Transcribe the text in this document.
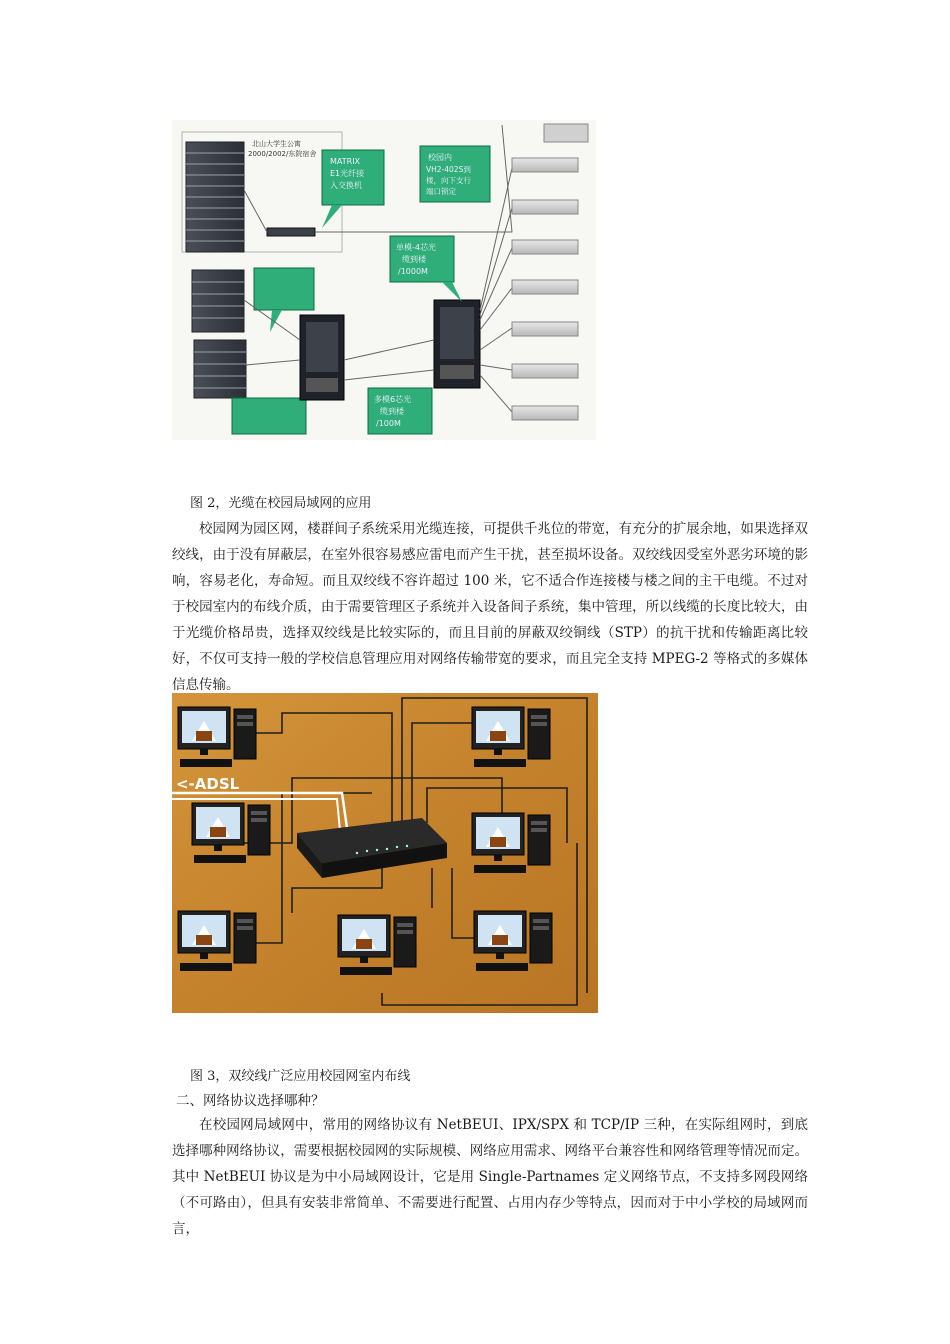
北山大学生公寓
2000/2002/东院宿舍
MATRIX
E1光纤接
入交换机
校园内
VH2-402S到
楼，向下支行
端口锁定
单模-4芯光
缆到楼
/1000M
多模6芯光
缆到楼
/100M
图 2，光缆在校园局域网的应用
校园网为园区网，楼群间子系统采用光缆连接，可提供千兆位的带宽，有充分的扩展余地，如果选择双绞线，由于没有屏蔽层，在室外很容易感应雷电而产生干扰，甚至损坏设备。双绞线因受室外恶劣环境的影响，容易老化，寿命短。而且双绞线不容许超过 100 米，它不适合作连接楼与楼之间的主干电缆。不过对于校园室内的布线介质，由于需要管理区子系统并入设备间子系统，集中管理，所以线缆的长度比较大，由于光缆价格昂贵，选择双绞线是比较实际的，而且目前的屏蔽双绞铜线（STP）的抗干扰和传输距离比较好，不仅可支持一般的学校信息管理应用对网络传输带宽的要求，而且完全支持 MPEG-2 等格式的多媒体信息传输。
<-ADSL
图 3，双绞线广泛应用校园网室内布线
二、网络协议选择哪种？
在校园网局域网中，常用的网络协议有 NetBEUI、IPX/SPX 和 TCP/IP 三种，在实际组网时，到底选择哪种网络协议，需要根据校园网的实际规模、网络应用需求、网络平台兼容性和网络管理等情况而定。其中 NetBEUI 协议是为中小局域网设计，它是用 Single-Partnames 定义网络节点，不支持多网段网络（不可路由），但具有安装非常简单、不需要进行配置、占用内存少等特点，因而对于中小学校的局域网而言，
